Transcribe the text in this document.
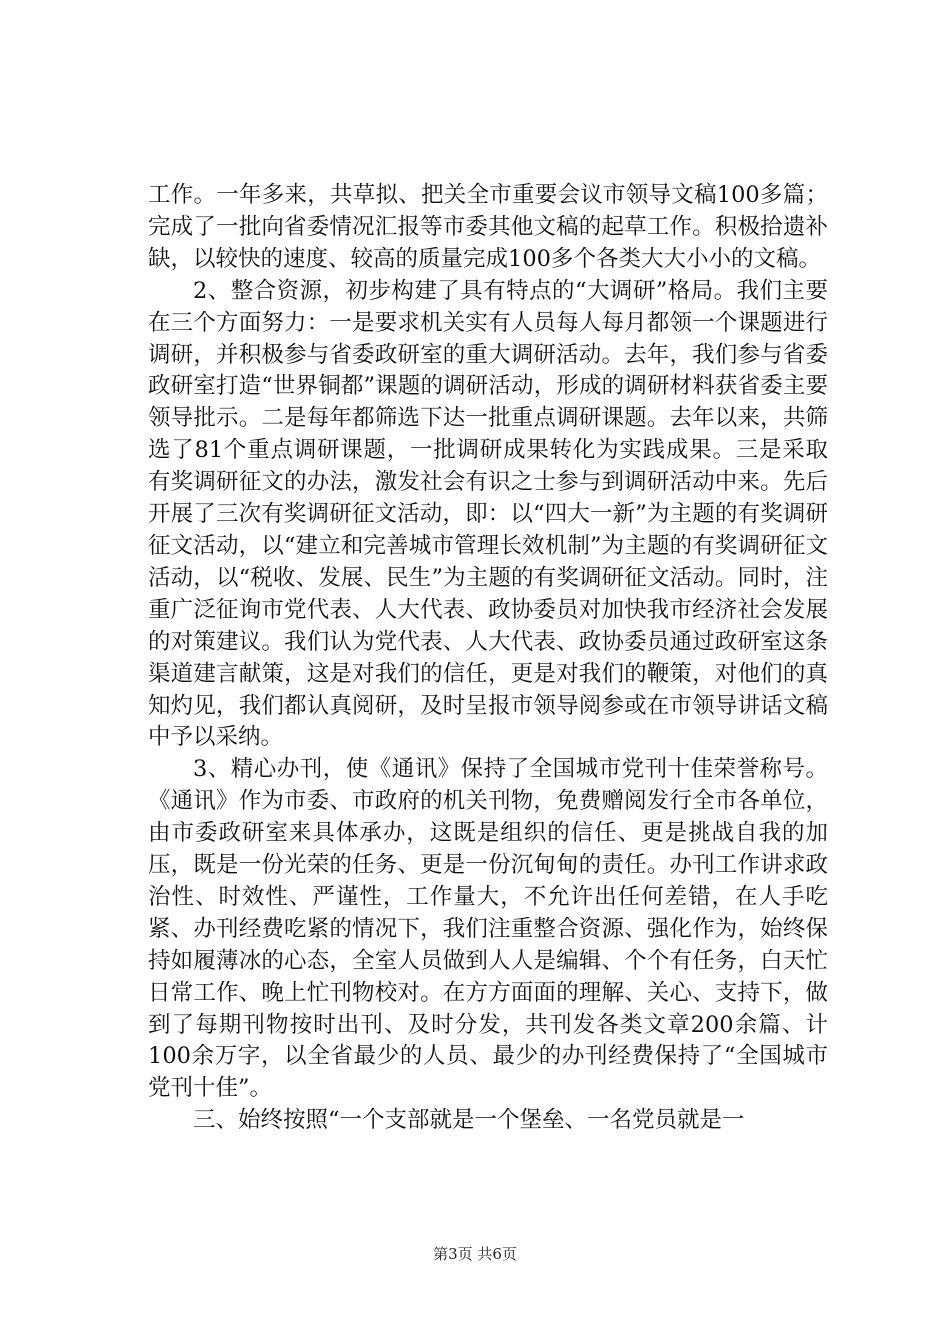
工作。一年多来，共草拟、把关全市重要会议市领导文稿100多篇；完成了一批向省委情况汇报等市委其他文稿的起草工作。积极拾遗补缺，以较快的速度、较高的质量完成100多个各类大大小小的文稿。

2、整合资源，初步构建了具有特点的“大调研”格局。我们主要在三个方面努力：一是要求机关实有人员每人每月都领一个课题进行调研，并积极参与省委政研室的重大调研活动。去年，我们参与省委政研室打造“世界铜都”课题的调研活动，形成的调研材料获省委主要领导批示。二是每年都筛选下达一批重点调研课题。去年以来，共筛选了81个重点调研课题，一批调研成果转化为实践成果。三是采取有奖调研征文的办法，激发社会有识之士参与到调研活动中来。先后开展了三次有奖调研征文活动，即：以“四大一新”为主题的有奖调研征文活动，以“建立和完善城市管理长效机制”为主题的有奖调研征文活动，以“税收、发展、民生”为主题的有奖调研征文活动。同时，注重广泛征询市党代表、人大代表、政协委员对加快我市经济社会发展的对策建议。我们认为党代表、人大代表、政协委员通过政研室这条渠道建言献策，这是对我们的信任，更是对我们的鞭策，对他们的真知灼见，我们都认真阅研，及时呈报市领导阅参或在市领导讲话文稿中予以采纳。

3、精心办刊，使《通讯》保持了全国城市党刊十佳荣誉称号。《通讯》作为市委、市政府的机关刊物，免费赠阅发行全市各单位，由市委政研室来具体承办，这既是组织的信任、更是挑战自我的加压，既是一份光荣的任务、更是一份沉甸甸的责任。办刊工作讲求政治性、时效性、严谨性，工作量大，不允许出任何差错，在人手吃紧、办刊经费吃紧的情况下，我们注重整合资源、强化作为，始终保持如履薄冰的心态，全室人员做到人人是编辑、个个有任务，白天忙日常工作、晚上忙刊物校对。在方方面面的理解、关心、支持下，做到了每期刊物按时出刊、及时分发，共刊发各类文章200余篇、计100余万字，以全省最少的人员、最少的办刊经费保持了“全国城市党刊十佳”。

三、始终按照“一个支部就是一个堡垒、一名党员就是一

第3页 共6页
